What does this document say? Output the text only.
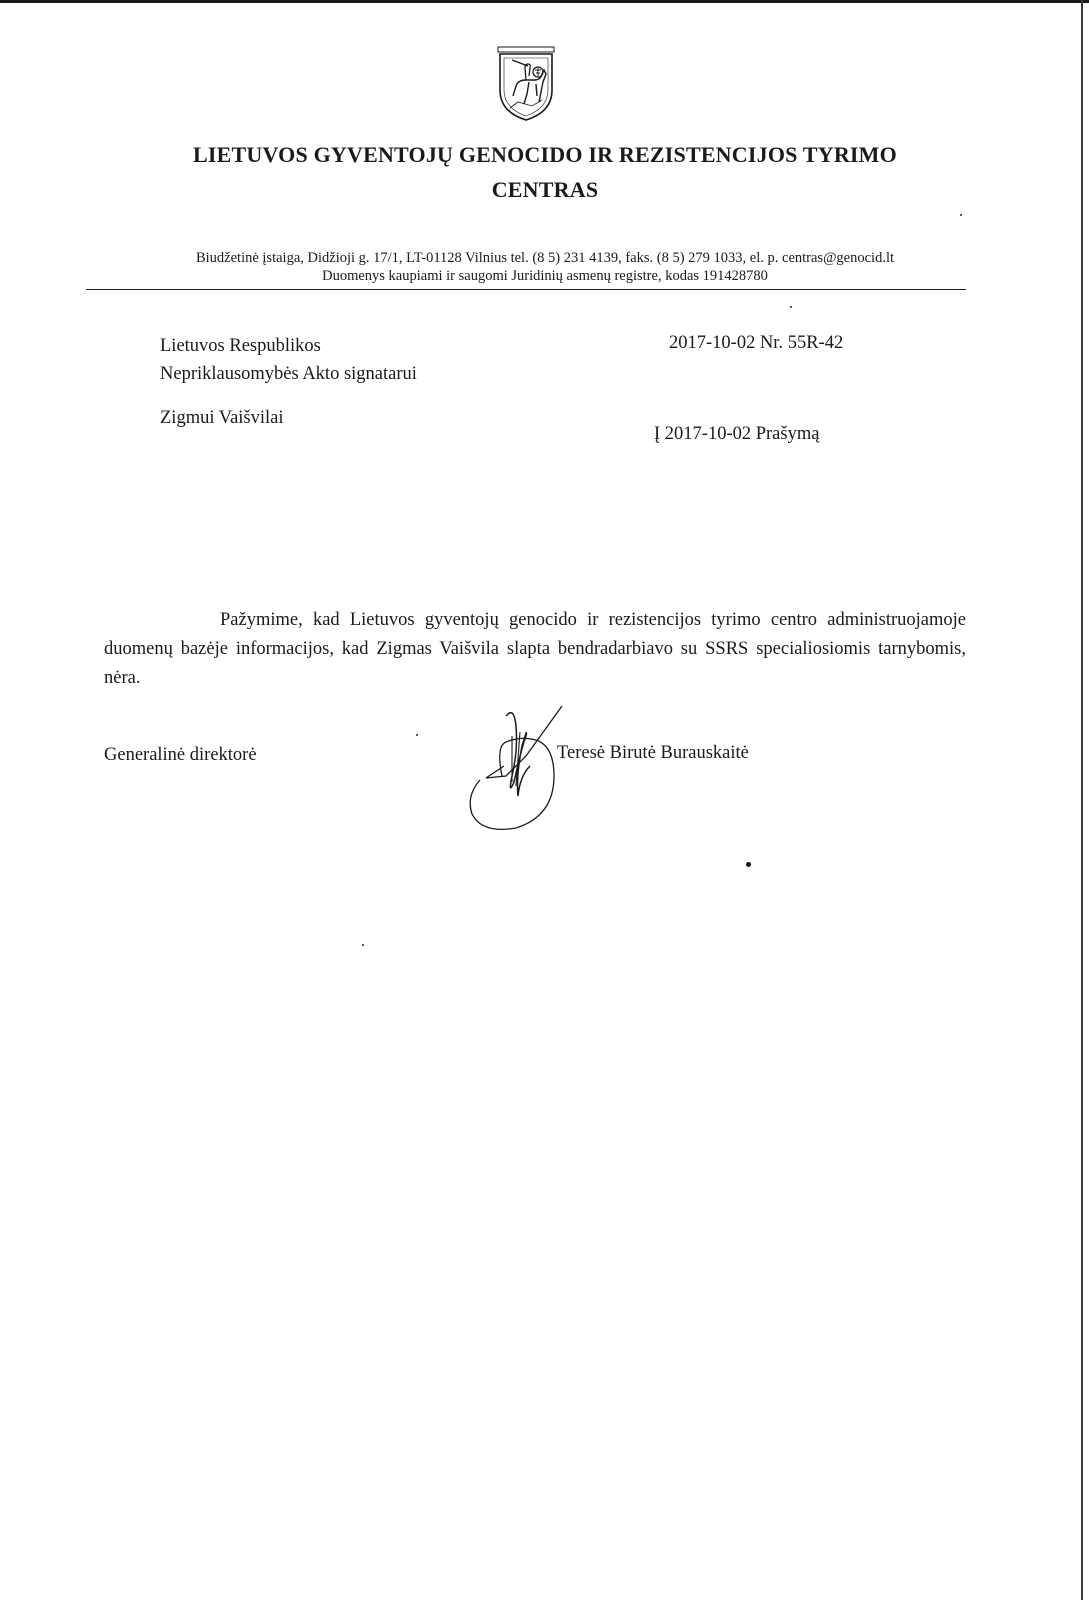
LIETUVOS GYVENTOJŲ GENOCIDO IR REZISTENCIJOS TYRIMO
CENTRAS
Biudžetinė įstaiga, Didžioji g. 17/1, LT-01128 Vilnius tel. (8 5) 231 4139, faks. (8 5) 279 1033, el. p. centras@genocid.lt
Duomenys kaupiami ir saugomi Juridinių asmenų registre, kodas 191428780
Lietuvos Respublikos
Nepriklausomybės Akto signatarui
Zigmui Vaišvilai
2017-10-02 Nr. 55R-42
Į 2017-10-02 Prašymą
Pažymime, kad Lietuvos gyventojų genocido ir rezistencijos tyrimo centro administruojamoje duomenų bazėje informacijos, kad Zigmas Vaišvila slapta bendradarbiavo su SSRS specialiosiomis tarnybomis, nėra.
Generalinė direktorė	Teresė Birutė Burauskaitė
